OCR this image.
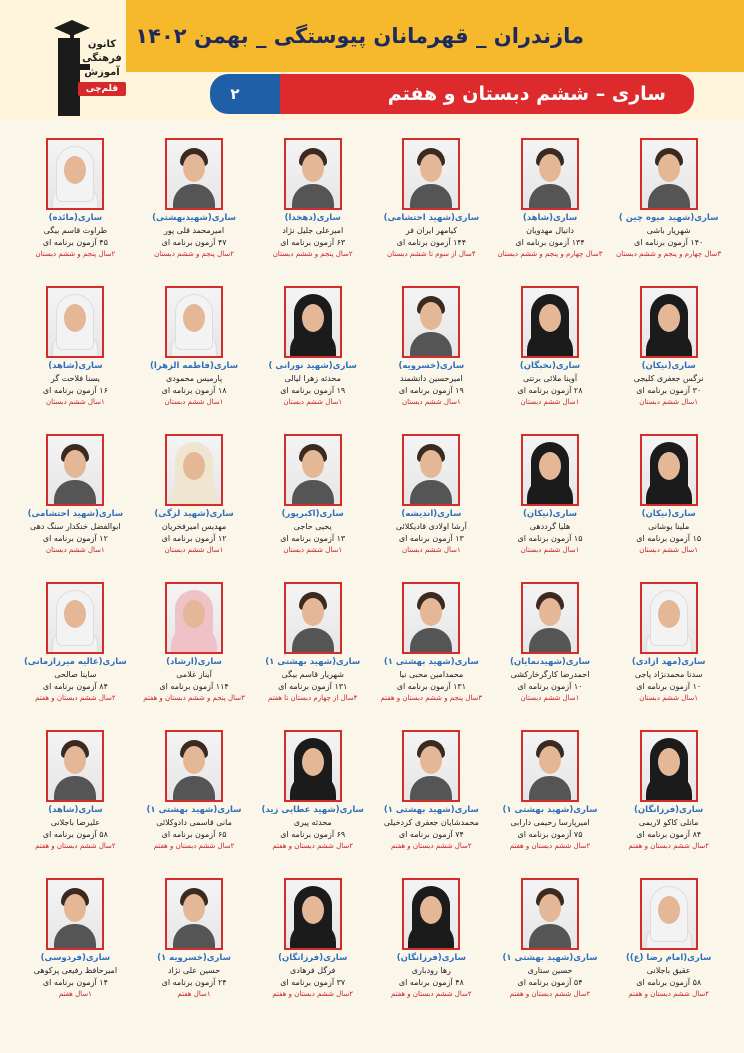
مازندران _ قهرمانان پیوستگی _ بهمن ۱۴۰۲
ساری – ششم دبستان و هفتم
۲
کانون
فرهنگی
آموزش
قلم‌چی
ساری(شهید میوه چین )
شهریار باشی
۱۴۰ آزمون برنامه ای
۳سال چهارم و پنجم و ششم دبستان
ساری(شاهد)
دانیال مهدویان
۱۳۴ آزمون برنامه ای
۳سال چهارم و پنجم و ششم دبستان
ساری(شهید احتشامی)
کیامهر ایران فر
۱۴۴ آزمون برنامه ای
۴سال از سوم تا ششم دبستان
ساری(دهخدا)
امیرعلی جلیل نژاد
۶۳ آزمون برنامه ای
۲سال پنجم و ششم دبستان
ساری(شهیدبهشتی)
امیرمحمد قلی پور
۴۷ آزمون برنامه ای
۲سال پنجم و ششم دبستان
ساری(مائده)
طراوت قاسم بیگی
۴۵ آزمون برنامه ای
۲سال پنجم و ششم دبستان
ساری(نیکان)
نرگس جعفری کلیجی
۳۰ آزمون برنامه ای
۱سال ششم دبستان
ساری(نخبگان)
آوینا ملائی برنتی
۲۸ آزمون برنامه ای
۱سال ششم دبستان
ساری(خسرویه)
امیرحسین دانشمند
۱۹ آزمون برنامه ای
۱سال ششم دبستان
ساری(شهید نورانی )
محدثه زهرا لیالی
۱۹ آزمون برنامه ای
۱سال ششم دبستان
ساری(فاطمه الزهرا)
پارمیس محمودی
۱۸ آزمون برنامه ای
۱سال ششم دبستان
ساری(شاهد)
یسنا فلاحت گر
۱۶ آزمون برنامه ای
۱سال ششم دبستان
ساری(نیکان)
ملینا یوشانی
۱۵ آزمون برنامه ای
۱سال ششم دبستان
ساری(نیکان)
هلیا گرددهی
۱۵ آزمون برنامه ای
۱سال ششم دبستان
ساری(اندیشه)
آرشا اولادی قادیکلائی
۱۳ آزمون برنامه ای
۱سال ششم دبستان
ساری(اکبرپور)
یحیی حاجی
۱۳ آزمون برنامه ای
۱سال ششم دبستان
ساری(شهید لزگی)
مهدیس امیرفخریان
۱۲ آزمون برنامه ای
۱سال ششم دبستان
ساری(شهید احتشامی)
ابوالفضل خنکدار سنگ دهی
۱۲ آزمون برنامه ای
۱سال ششم دبستان
ساری(مهد ازادی)
سدنا محمدنژاد پاجی
۱۰ آزمون برنامه ای
۱سال ششم دبستان
ساری(شهیدنمایان)
احمدرضا کارگرخارکشی
۱۰ آزمون برنامه ای
۱سال ششم دبستان
ساری(شهید بهشتی ۱)
محمدامین محبی نیا
۱۳۱ آزمون برنامه ای
۳سال پنجم و ششم دبستان و هفتم
ساری(شهید بهشتی ۱)
شهریار قاسم بیگی
۱۳۱ آزمون برنامه ای
۴سال از چهارم دبستان تا هفتم
ساری(ارشاد)
آیناز غلامی
۱۱۴ آزمون برنامه ای
۳سال پنجم و ششم دبستان و هفتم
ساری(عالیه میرزازمانی)
ساینا صالحی
۸۴ آزمون برنامه ای
۲سال ششم دبستان و هفتم
ساری(فرزانگان)
مانلی کاکو لاریمی
۸۴ آزمون برنامه ای
۲سال ششم دبستان و هفتم
ساری(شهید بهشتی ۱)
امیرپارسا رحیمی دارابی
۷۵ آزمون برنامه ای
۲سال ششم دبستان و هفتم
ساری(شهید بهشتی ۱)
محمدشایان جعفری کردخیلی
۷۴ آزمون برنامه ای
۲سال ششم دبستان و هفتم
ساری(شهید عطایی زید)
محدثه پیری
۶۹ آزمون برنامه ای
۲سال ششم دبستان و هفتم
ساری(شهید بهشتی ۱)
مانی قاسمی دادوکلائی
۶۵ آزمون برنامه ای
۲سال ششم دبستان و هفتم
ساری(شاهد)
علیرضا باجلانی
۵۸ آزمون برنامه ای
۲سال ششم دبستان و هفتم
ساری(امام رضا (ع))
عقیق باجلانی
۵۸ آزمون برنامه ای
۲سال ششم دبستان و هفتم
ساری(شهید بهشتی ۱)
حسین ستاری
۵۴ آزمون برنامه ای
۲سال ششم دبستان و هفتم
ساری(فرزانگان)
رها رودباری
۴۸ آزمون برنامه ای
۲سال ششم دبستان و هفتم
ساری(فرزانگان)
فرگل فرهادی
۳۷ آزمون برنامه ای
۲سال ششم دبستان و هفتم
ساری(خسرویه ۱)
حسین علی نژاد
۲۴ آزمون برنامه ای
۱سال هفتم
ساری(فردوسی)
امیرحافظ رفیعی پرکوهی
۱۴ آزمون برنامه ای
۱سال هفتم
